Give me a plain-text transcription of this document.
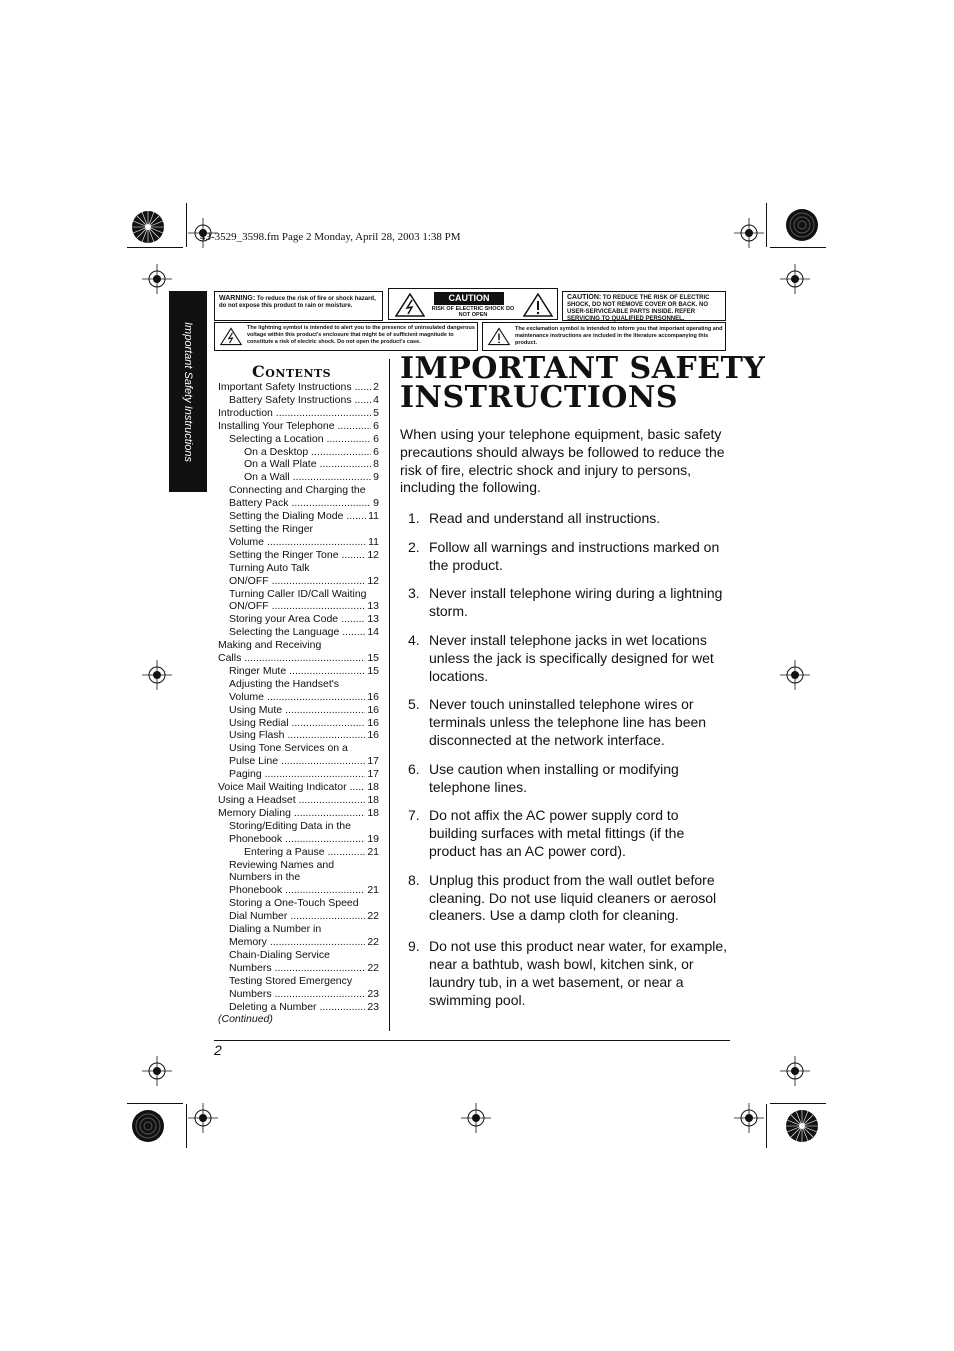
43-3529_3598.fm Page 2 Monday, April 28, 2003 1:38 PM
Important Safety Instructions
WARNING: To reduce the risk of fire or shock hazard, do not expose this product to rain or moisture.
CAUTION
RISK OF ELECTRIC SHOCK DO NOT OPEN
CAUTION: TO REDUCE THE RISK OF ELECTRIC SHOCK, DO NOT REMOVE COVER OR BACK. NO USER-SERVICEABLE PARTS INSIDE. REFER SERVICING TO QUALIFIED PERSONNEL.
The lightning symbol is intended to alert you to the presence of uninsulated dangerous voltage within this product's enclosure that might be of sufficient magnitude to constitute a risk of electric shock. Do not open the product's case.
The exclamation symbol is intended to inform you that important operating and maintenance instructions are included in the literature accompanying this product.
Contents
Important Safety Instructions .....	2
Battery Safety Instructions .....	4
Introduction .....	5
Installing Your Telephone .....	6
Selecting a Location .....	6
On a Desktop .....	6
On a Wall Plate .....	8
On a Wall .....	9
Connecting and Charging the
Battery Pack .....	9
Setting the Dialing Mode .....	11
Setting the Ringer
Volume .....	11
Setting the Ringer Tone .....	12
Turning Auto Talk
ON/OFF .....	12
Turning Caller ID/Call Waiting
ON/OFF .....	13
Storing your Area Code .....	13
Selecting the Language .....	14
Making and Receiving
Calls .....	15
Ringer Mute .....	15
Adjusting the Handset's
Volume .....	16
Using Mute .....	16
Using Redial .....	16
Using Flash .....	16
Using Tone Services on a
Pulse Line .....	17
Paging .....	17
Voice Mail Waiting Indicator .....	18
Using a Headset .....	18
Memory Dialing .....	18
Storing/Editing Data in the
Phonebook .....	19
Entering a Pause .....	21
Reviewing Names and
Numbers in the
Phonebook .....	21
Storing a One-Touch Speed
Dial Number .....	22
Dialing a Number in
Memory .....	22
Chain-Dialing Service
Numbers .....	22
Testing Stored Emergency
Numbers .....	23
Deleting a Number .....	23
(Continued)
IMPORTANT SAFETY
INSTRUCTIONS
When using your telephone equipment, basic safety precautions should always be followed to reduce the risk of fire, electric shock and injury to persons, including the following.
1. Read and understand all instructions.
2. Follow all warnings and instructions marked on the product.
3. Never install telephone wiring during a lightning storm.
4. Never install telephone jacks in wet locations unless the jack is specifically designed for wet locations.
5. Never touch uninstalled telephone wires or terminals unless the telephone line has been disconnected at the network interface.
6. Use caution when installing or modifying telephone lines.
7. Do not affix the AC power supply cord to building surfaces with metal fittings (if the product has an AC power cord).
8. Unplug this product from the wall outlet before cleaning. Do not use liquid cleaners or aerosol cleaners. Use a damp cloth for cleaning.
9. Do not use this product near water, for example, near a bathtub, wash bowl, kitchen sink, or laundry tub, in a wet basement, or near a swimming pool.
2
